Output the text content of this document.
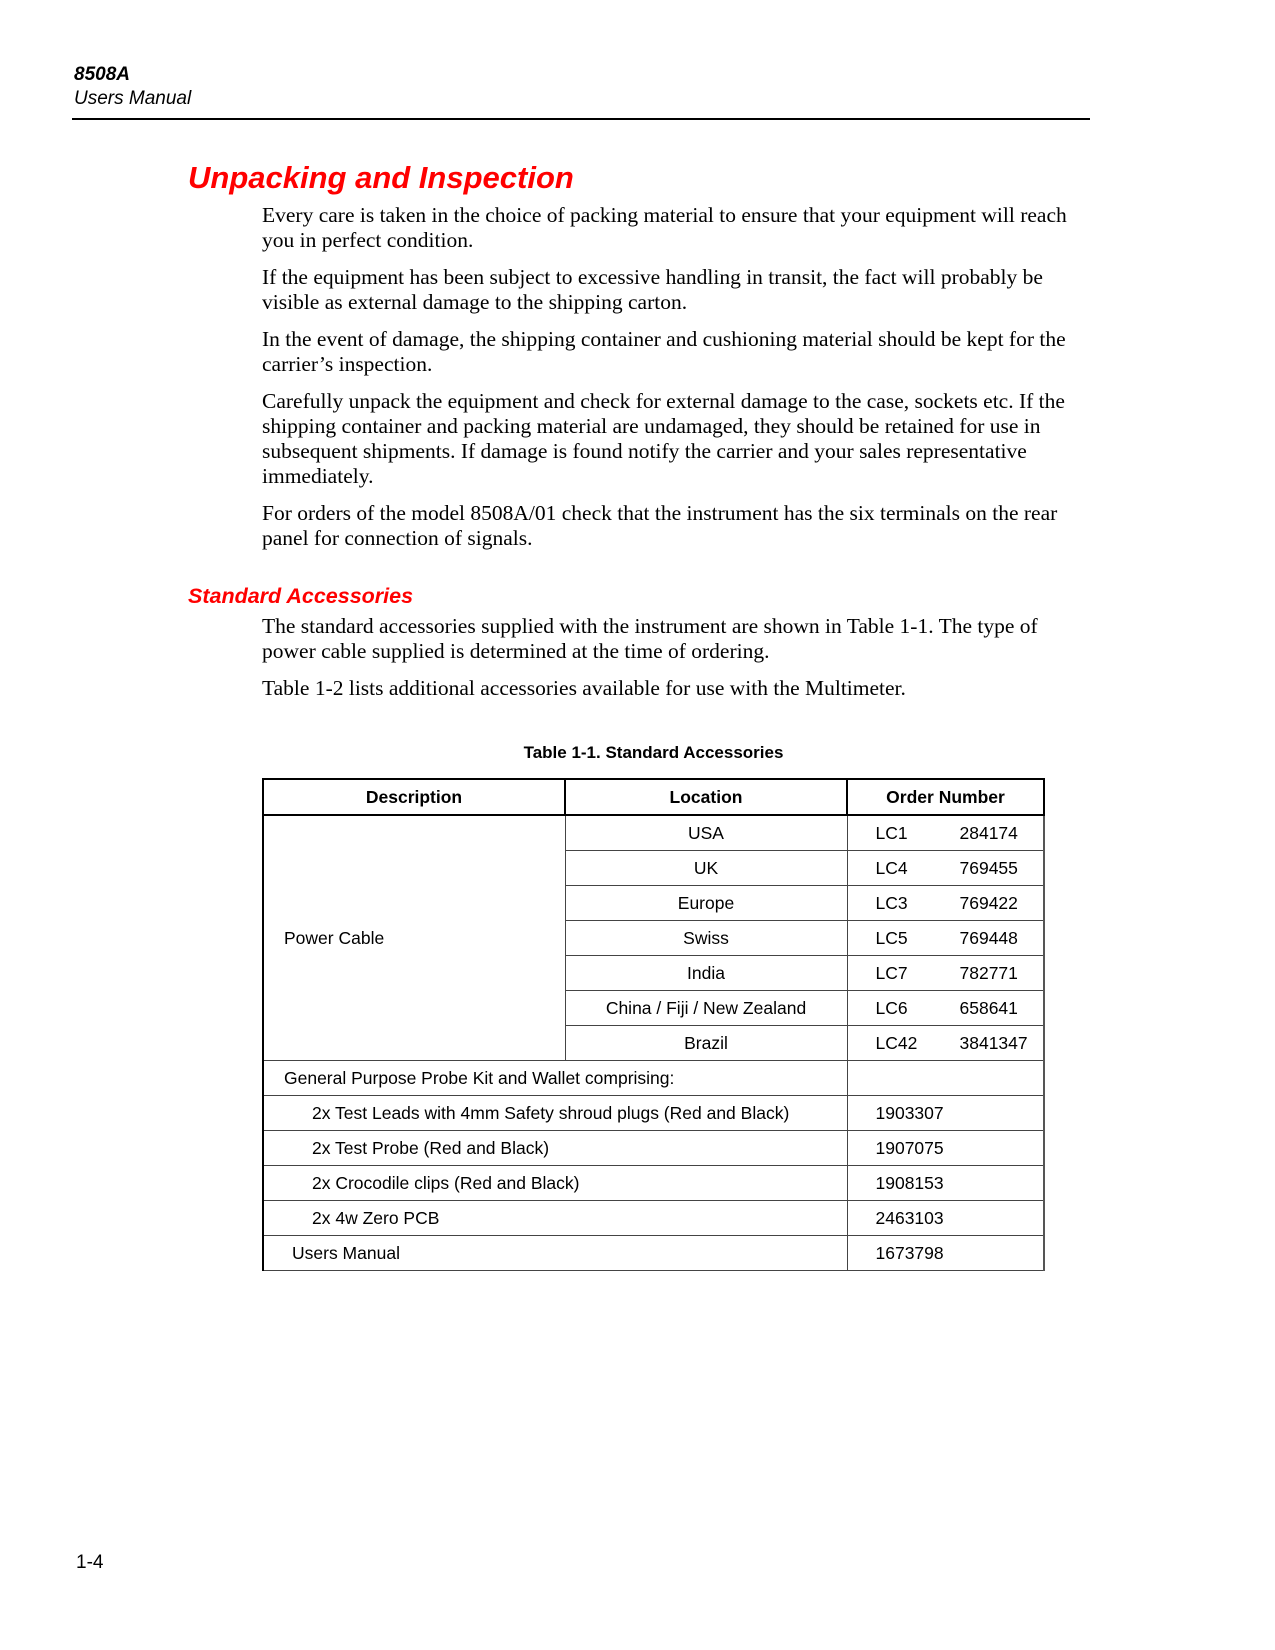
8508A
Users Manual
Unpacking and Inspection

Every care is taken in the choice of packing material to ensure that your equipment will reach you in perfect condition.

If the equipment has been subject to excessive handling in transit, the fact will probably be visible as external damage to the shipping carton.

In the event of damage, the shipping container and cushioning material should be kept for the carrier’s inspection.

Carefully unpack the equipment and check for external damage to the case, sockets etc. If the shipping container and packing material are undamaged, they should be retained for use in subsequent shipments. If damage is found notify the carrier and your sales representative immediately.

For orders of the model 8508A/01 check that the instrument has the six terminals on the rear panel for connection of signals.

Standard Accessories

The standard accessories supplied with the instrument are shown in Table 1-1. The type of power cable supplied is determined at the time of ordering.

Table 1-2 lists additional accessories available for use with the Multimeter.

Table 1-1. Standard Accessories
Description	Location	Order Number
Power Cable	USA	LC1 284174
	UK	LC4 769455
	Europe	LC3 769422
	Swiss	LC5 769448
	India	LC7 782771
	China / Fiji / New Zealand	LC6 658641
	Brazil	LC42 3841347
General Purpose Probe Kit and Wallet comprising:		
2x Test Leads with 4mm Safety shroud plugs (Red and Black)		1903307
2x Test Probe (Red and Black)		1907075
2x Crocodile clips (Red and Black)		1908153
2x 4w Zero PCB		2463103
Users Manual		1673798
1-4
